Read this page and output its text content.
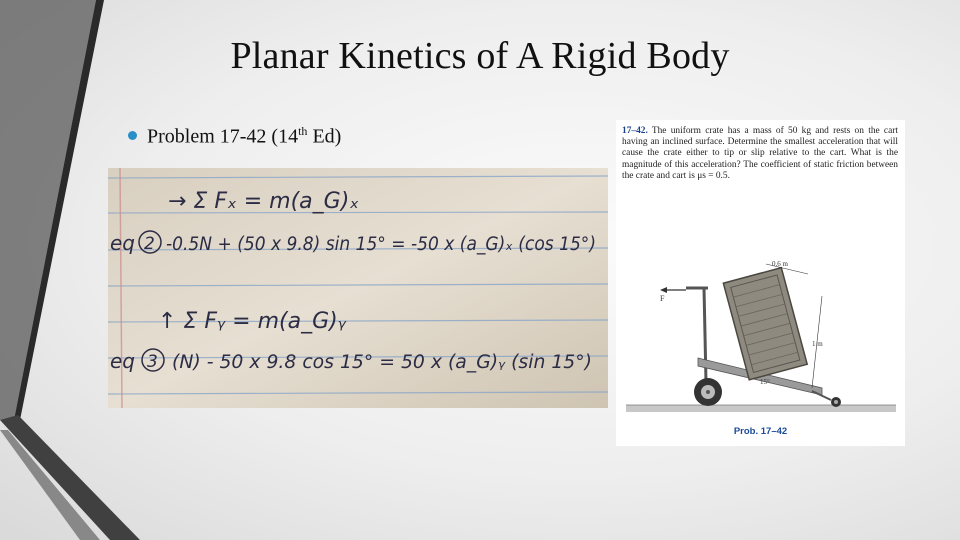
Planar Kinetics of A Rigid Body
Problem 17-42 (14th Ed)
→ Σ Fₓ = m(a_G)ₓ
eq 2 -0.5N + (50 x 9.8) sin 15° = -50 x (a_G)ₓ (cos 15°)
↑ Σ Fᵧ = m(a_G)ᵧ
eq 3 (N) - 50 x 9.8 cos 15° = 50 x (a_G)ᵧ (sin 15°)
17–42. The uniform crate has a mass of 50 kg and rests on the cart having an inclined surface. Determine the smallest acceleration that will cause the crate either to tip or slip relative to the cart. What is the magnitude of this acceleration? The coefficient of static friction between the crate and cart is μs = 0.5.
F
0.6 m
1 m
15°
Prob. 17–42
